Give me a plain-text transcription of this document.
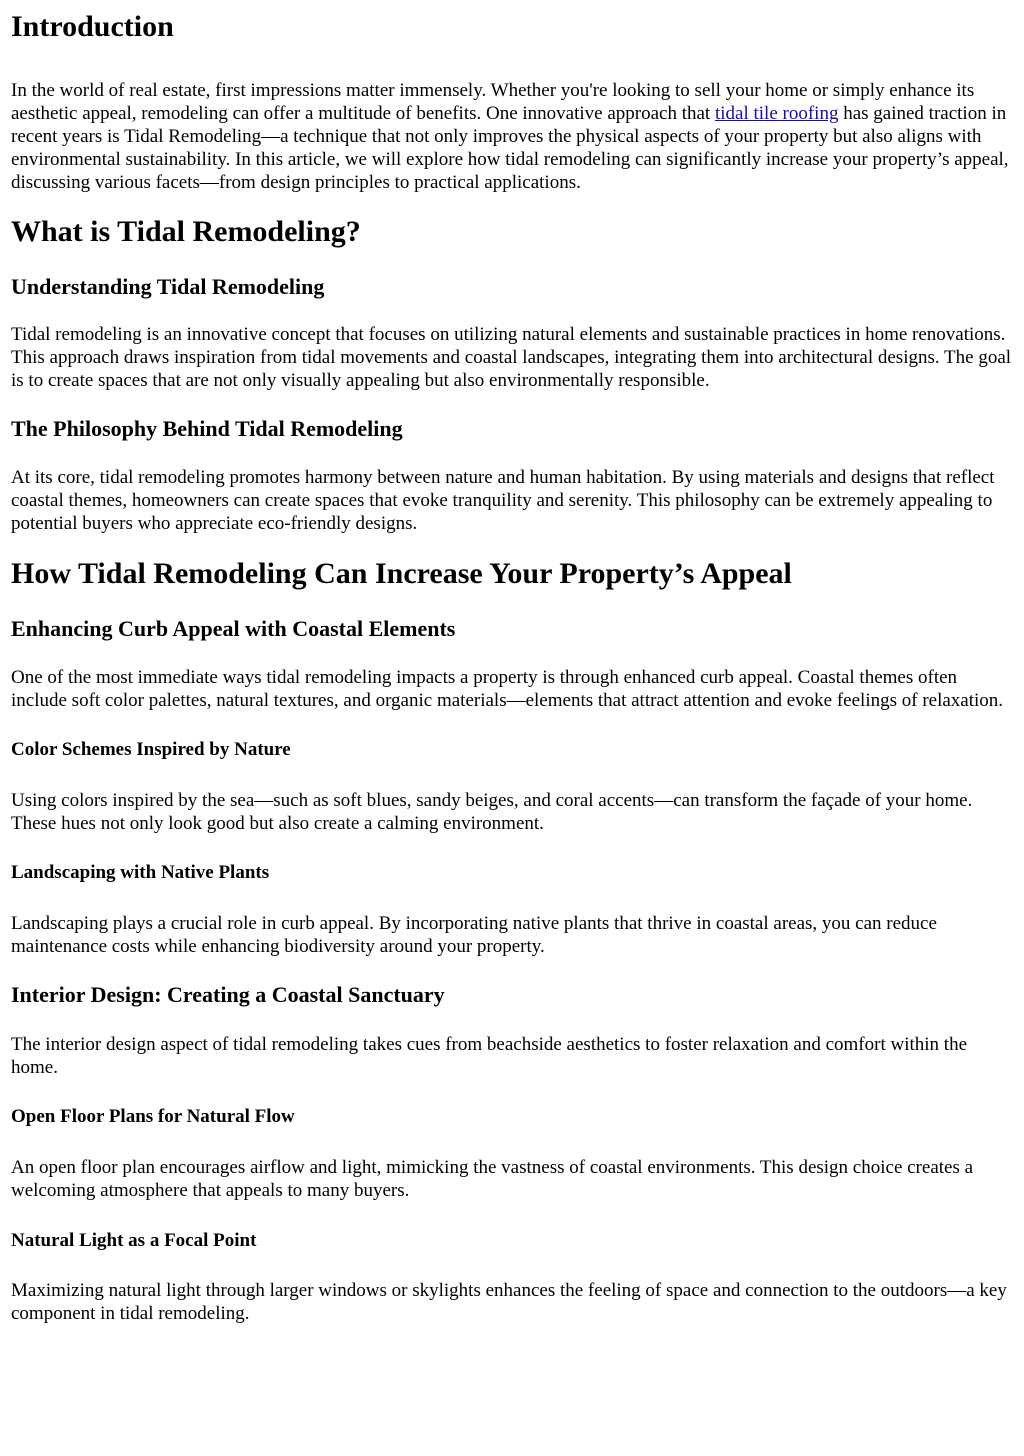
Introduction

In the world of real estate, first impressions matter immensely. Whether you're looking to sell your home or simply enhance its aesthetic appeal, remodeling can offer a multitude of benefits. One innovative approach that tidal tile roofing has gained traction in recent years is Tidal Remodeling—a technique that not only improves the physical aspects of your property but also aligns with environmental sustainability. In this article, we will explore how tidal remodeling can significantly increase your property’s appeal, discussing various facets—from design principles to practical applications.

What is Tidal Remodeling?
Understanding Tidal Remodeling

Tidal remodeling is an innovative concept that focuses on utilizing natural elements and sustainable practices in home renovations. This approach draws inspiration from tidal movements and coastal landscapes, integrating them into architectural designs. The goal is to create spaces that are not only visually appealing but also environmentally responsible.

The Philosophy Behind Tidal Remodeling

At its core, tidal remodeling promotes harmony between nature and human habitation. By using materials and designs that reflect coastal themes, homeowners can create spaces that evoke tranquility and serenity. This philosophy can be extremely appealing to potential buyers who appreciate eco-friendly designs.

How Tidal Remodeling Can Increase Your Property’s Appeal
Enhancing Curb Appeal with Coastal Elements

One of the most immediate ways tidal remodeling impacts a property is through enhanced curb appeal. Coastal themes often include soft color palettes, natural textures, and organic materials—elements that attract attention and evoke feelings of relaxation.

Color Schemes Inspired by Nature

Using colors inspired by the sea—such as soft blues, sandy beiges, and coral accents—can transform the façade of your home. These hues not only look good but also create a calming environment.

Landscaping with Native Plants

Landscaping plays a crucial role in curb appeal. By incorporating native plants that thrive in coastal areas, you can reduce maintenance costs while enhancing biodiversity around your property.

Interior Design: Creating a Coastal Sanctuary

The interior design aspect of tidal remodeling takes cues from beachside aesthetics to foster relaxation and comfort within the home.

Open Floor Plans for Natural Flow

An open floor plan encourages airflow and light, mimicking the vastness of coastal environments. This design choice creates a welcoming atmosphere that appeals to many buyers.

Natural Light as a Focal Point

Maximizing natural light through larger windows or skylights enhances the feeling of space and connection to the outdoors—a key component in tidal remodeling.
